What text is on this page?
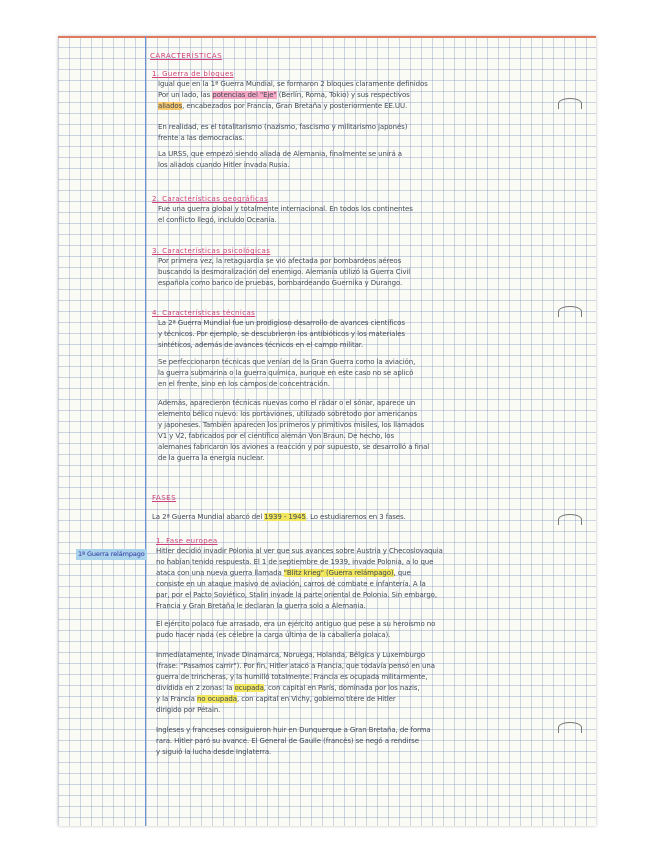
CARACTERÍSTICAS
1. Guerra de bloques
Igual que en la 1ª Guerra Mundial, se formaron 2 bloques claramente definidos
Por un lado, las potencias del "Eje" (Berlín, Roma, Tokio) y sus respectivos
aliados, encabezados por Francia, Gran Bretaña y posteriormente EE.UU.
En realidad, es el totalitarismo (nazismo, fascismo y militarismo japonés)
frente a las democracias.
La URSS, que empezó siendo aliada de Alemania, finalmente se unirá a
los aliados cuando Hitler invada Rusia.
2. Características geográficas
Fue una guerra global y totalmente internacional. En todos los continentes
el conflicto llegó, incluido Oceanía.
3. Características psicológicas
Por primera vez, la retaguardia se vió afectada por bombardeos aéreos
buscando la desmoralización del enemigo. Alemania utilizó la Guerra Civil
española como banco de pruebas, bombardeando Guernika y Durango.
4. Características técnicas
La 2ª Guerra Mundial fue un prodigioso desarrollo de avances científicos
y técnicos. Por ejemplo, se descubrieron los antibióticos y los materiales
sintéticos, además de avances técnicos en el campo militar.
Se perfeccionaron técnicas que venían de la Gran Guerra como la aviación,
la guerra submarina o la guerra química, aunque en este caso no se aplicó
en el frente, sino en los campos de concentración.
Además, aparecieron técnicas nuevas como el rádar o el sónar, aparece un
elemento bélico nuevo: los portaviones, utilizado sobretodo por americanos
y japoneses. También aparecen los primeros y primitivos misiles, los llamados
V1 y V2, fabricados por el científico alemán Von Braun. De hecho, los
alemanes fabricaron los aviones a reacción y por supuesto, se desarrolló a final
de la guerra la energía nuclear.
FASES
La 2ª Guerra Mundial abarcó del 1939 - 1945. Lo estudiaremos en 3 fases.
1ª Guerra relámpago
1. Fase europea
Hitler decidió invadir Polonia al ver que sus avances sobre Austria y Checoslovaquia
no habían tenido respuesta. El 1 de septiembre de 1939, invade Polonia, a lo que
ataca con una nueva guerra llamada "Blitz krieg" (Guerra relámpago), que
consiste en un ataque masivo de aviación, carros de combate e infantería. A la
par, por el Pacto Soviético, Stalin invade la parte oriental de Polonia. Sin embargo,
Francia y Gran Bretaña le declaran la guerra solo a Alemania.
El ejército polaco fue arrasado, era un ejército antiguo que pese a su heroísmo no
pudo hacer nada (es célebre la carga última de la caballería polaca).
Inmediatamente, invade Dinamarca, Noruega, Holanda, Bélgica y Luxemburgo
(frase: "Pasamos carrir"). Por fin, Hitler atacó a Francia, que todavía pensó en una
guerra de trincheras, y la humilló totalmente. Francia es ocupada militarmente,
dividida en 2 zonas: la ocupada, con capital en París, dominada por los nazis,
y la Francia no ocupada, con capital en Vichy, gobierno títere de Hitler
dirigido por Pétain.
Ingleses y franceses consiguieron huir en Dunquerque a Gran Bretaña, de forma
rara. Hitler paró su avance. El General de Gaulle (francés) se negó a rendirse
y siguió la lucha desde Inglaterra.
